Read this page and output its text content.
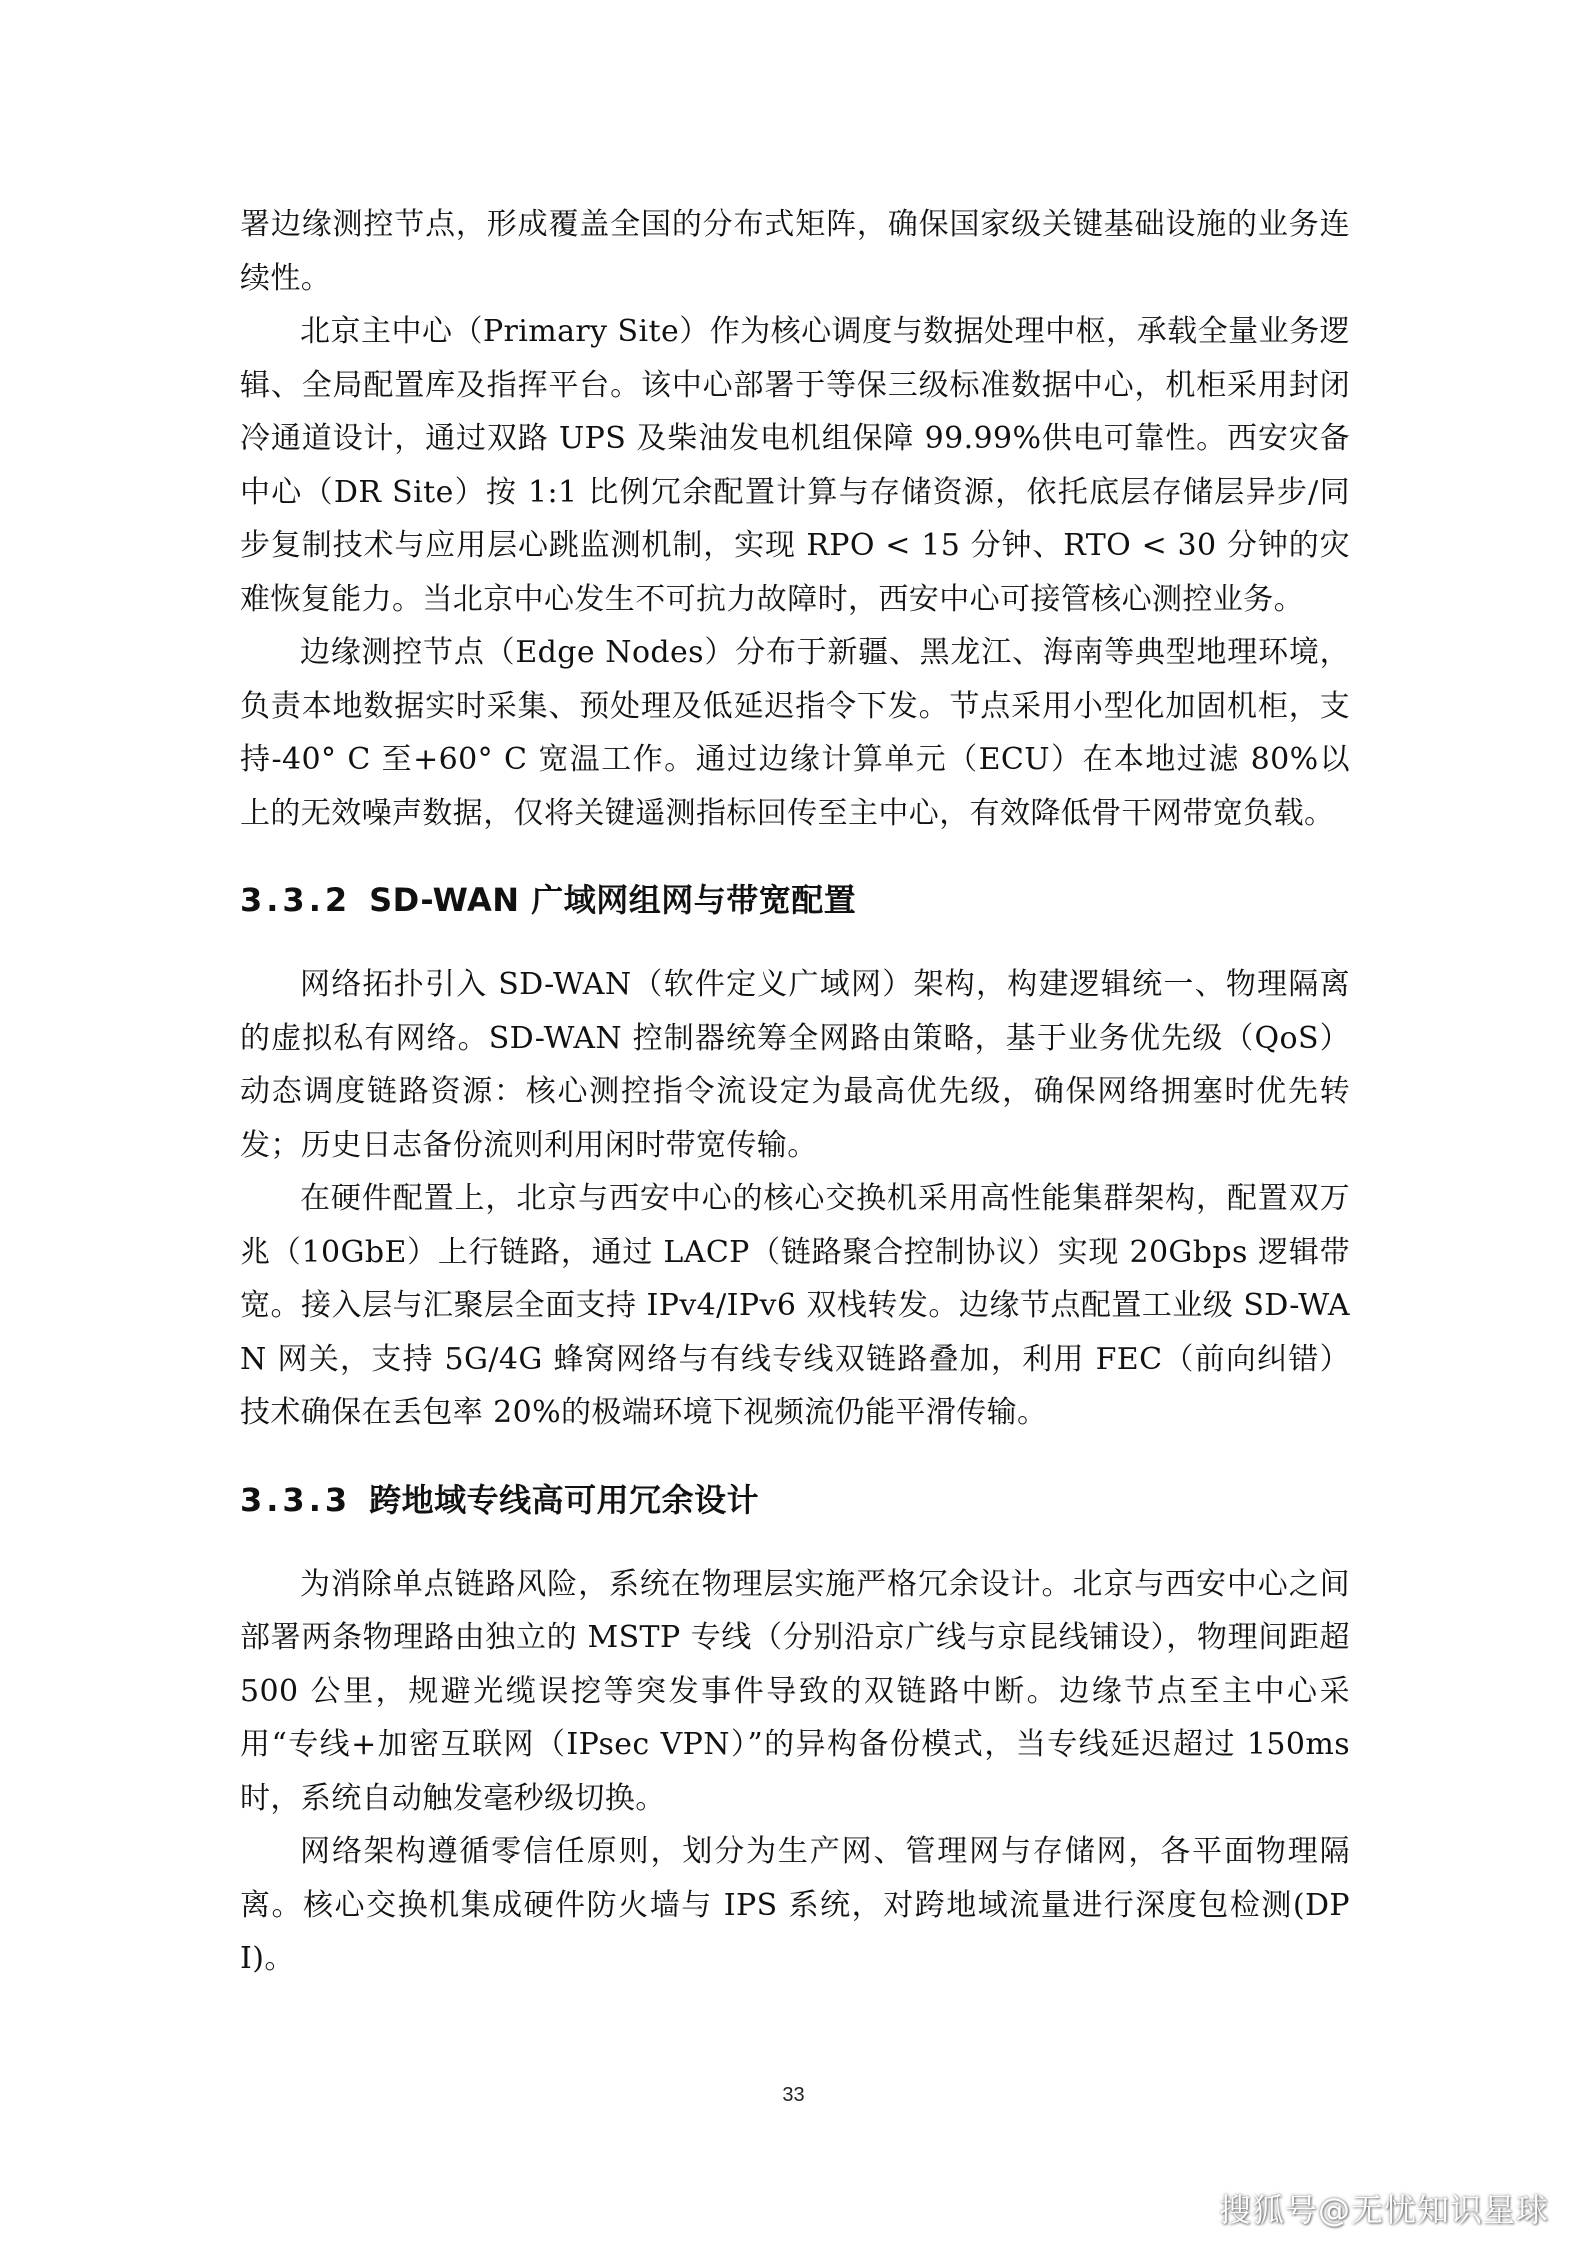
署边缘测控节点，形成覆盖全国的分布式矩阵，确保国家级关键基础设施的业务连续性。

北京主中心（Primary Site）作为核心调度与数据处理中枢，承载全量业务逻辑、全局配置库及指挥平台。该中心部署于等保三级标准数据中心，机柜采用封闭冷通道设计，通过双路 UPS 及柴油发电机组保障 99.99%供电可靠性。西安灾备中心（DR Site）按 1:1 比例冗余配置计算与存储资源，依托底层存储层异步/同步复制技术与应用层心跳监测机制，实现 RPO < 15 分钟、RTO < 30 分钟的灾难恢复能力。当北京中心发生不可抗力故障时，西安中心可接管核心测控业务。

边缘测控节点（Edge Nodes）分布于新疆、黑龙江、海南等典型地理环境，负责本地数据实时采集、预处理及低延迟指令下发。节点采用小型化加固机柜，支持-40° C 至+60° C 宽温工作。通过边缘计算单元（ECU）在本地过滤 80%以上的无效噪声数据，仅将关键遥测指标回传至主中心，有效降低骨干网带宽负载。

3.3.2 SD-WAN 广域网组网与带宽配置

网络拓扑引入 SD-WAN（软件定义广域网）架构，构建逻辑统一、物理隔离的虚拟私有网络。SD-WAN 控制器统筹全网路由策略，基于业务优先级（QoS）动态调度链路资源：核心测控指令流设定为最高优先级，确保网络拥塞时优先转发；历史日志备份流则利用闲时带宽传输。

在硬件配置上，北京与西安中心的核心交换机采用高性能集群架构，配置双万兆（10GbE）上行链路，通过 LACP（链路聚合控制协议）实现 20Gbps 逻辑带宽。接入层与汇聚层全面支持 IPv4/IPv6 双栈转发。边缘节点配置工业级 SD-WAN 网关，支持 5G/4G 蜂窝网络与有线专线双链路叠加，利用 FEC（前向纠错）技术确保在丢包率 20%的极端环境下视频流仍能平滑传输。

3.3.3 跨地域专线高可用冗余设计

为消除单点链路风险，系统在物理层实施严格冗余设计。北京与西安中心之间部署两条物理路由独立的 MSTP 专线（分别沿京广线与京昆线铺设），物理间距超 500 公里，规避光缆误挖等突发事件导致的双链路中断。边缘节点至主中心采用“专线+加密互联网（IPsec VPN）”的异构备份模式，当专线延迟超过 150ms 时，系统自动触发毫秒级切换。

网络架构遵循零信任原则，划分为生产网、管理网与存储网，各平面物理隔离。核心交换机集成硬件防火墙与 IPS 系统，对跨地域流量进行深度包检测(DPI)。

33
搜狐号@无忧知识星球
